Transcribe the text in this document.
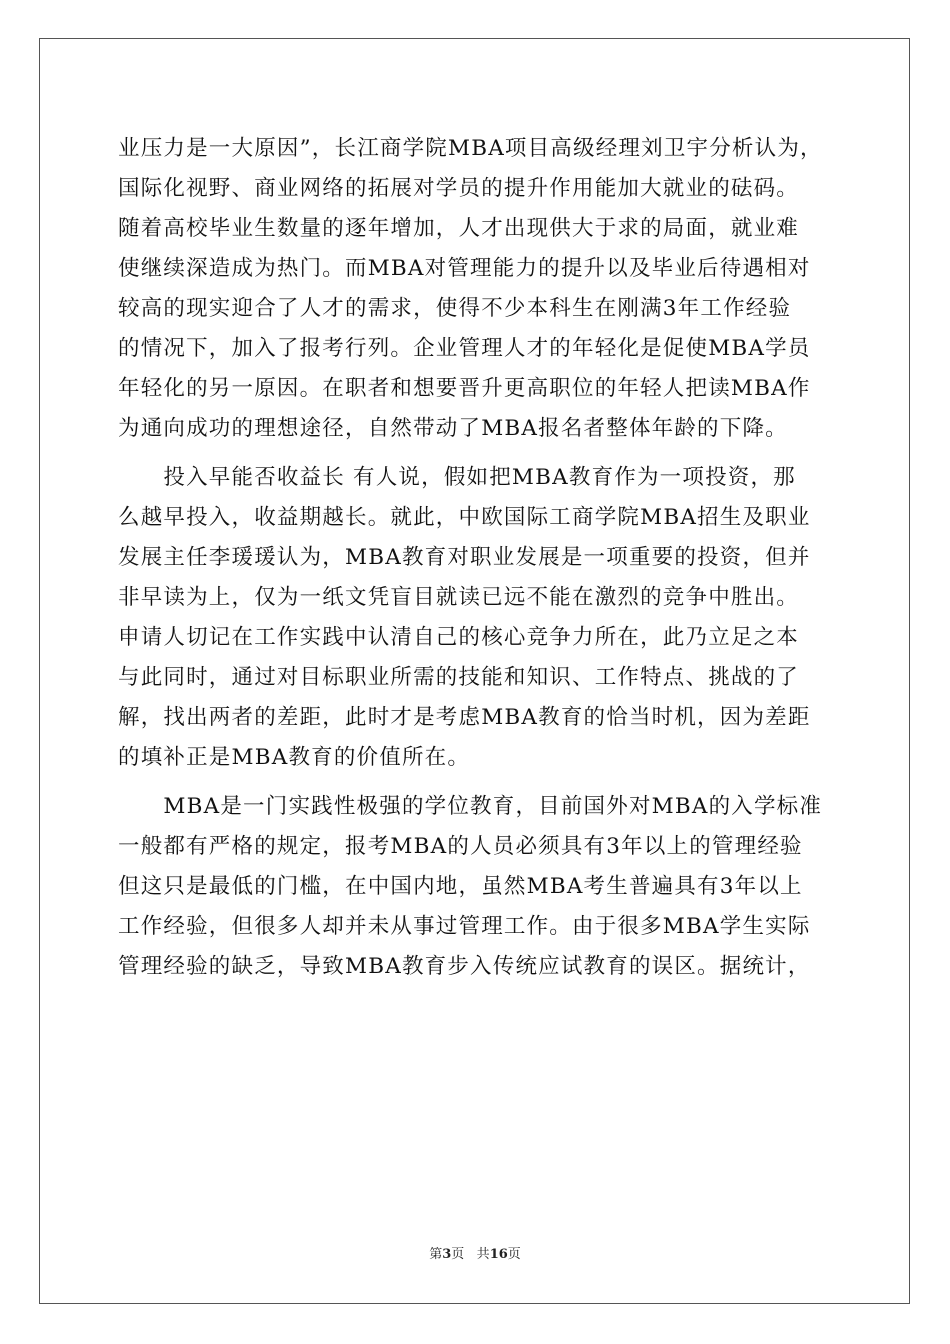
业压力是一大原因”，长江商学院MBA项目高级经理刘卫宇分析认为，
国际化视野、商业网络的拓展对学员的提升作用能加大就业的砝码。
随着高校毕业生数量的逐年增加，人才出现供大于求的局面，就业难
使继续深造成为热门。而MBA对管理能力的提升以及毕业后待遇相对
较高的现实迎合了人才的需求，使得不少本科生在刚满3年工作经验
的情况下，加入了报考行列。企业管理人才的年轻化是促使MBA学员
年轻化的另一原因。在职者和想要晋升更高职位的年轻人把读MBA作
为通向成功的理想途径，自然带动了MBA报名者整体年龄的下降。
　　投入早能否收益长 有人说，假如把MBA教育作为一项投资，那
么越早投入，收益期越长。就此，中欧国际工商学院MBA招生及职业
发展主任李瑗瑗认为，MBA教育对职业发展是一项重要的投资，但并
非早读为上，仅为一纸文凭盲目就读已远不能在激烈的竞争中胜出。
申请人切记在工作实践中认清自己的核心竞争力所在，此乃立足之本
与此同时，通过对目标职业所需的技能和知识、工作特点、挑战的了
解，找出两者的差距，此时才是考虑MBA教育的恰当时机，因为差距
的填补正是MBA教育的价值所在。
　　MBA是一门实践性极强的学位教育，目前国外对MBA的入学标准
一般都有严格的规定，报考MBA的人员必须具有3年以上的管理经验
但这只是最低的门槛，在中国内地，虽然MBA考生普遍具有3年以上
工作经验，但很多人却并未从事过管理工作。由于很多MBA学生实际
管理经验的缺乏，导致MBA教育步入传统应试教育的误区。据统计，
第3页 共16页
